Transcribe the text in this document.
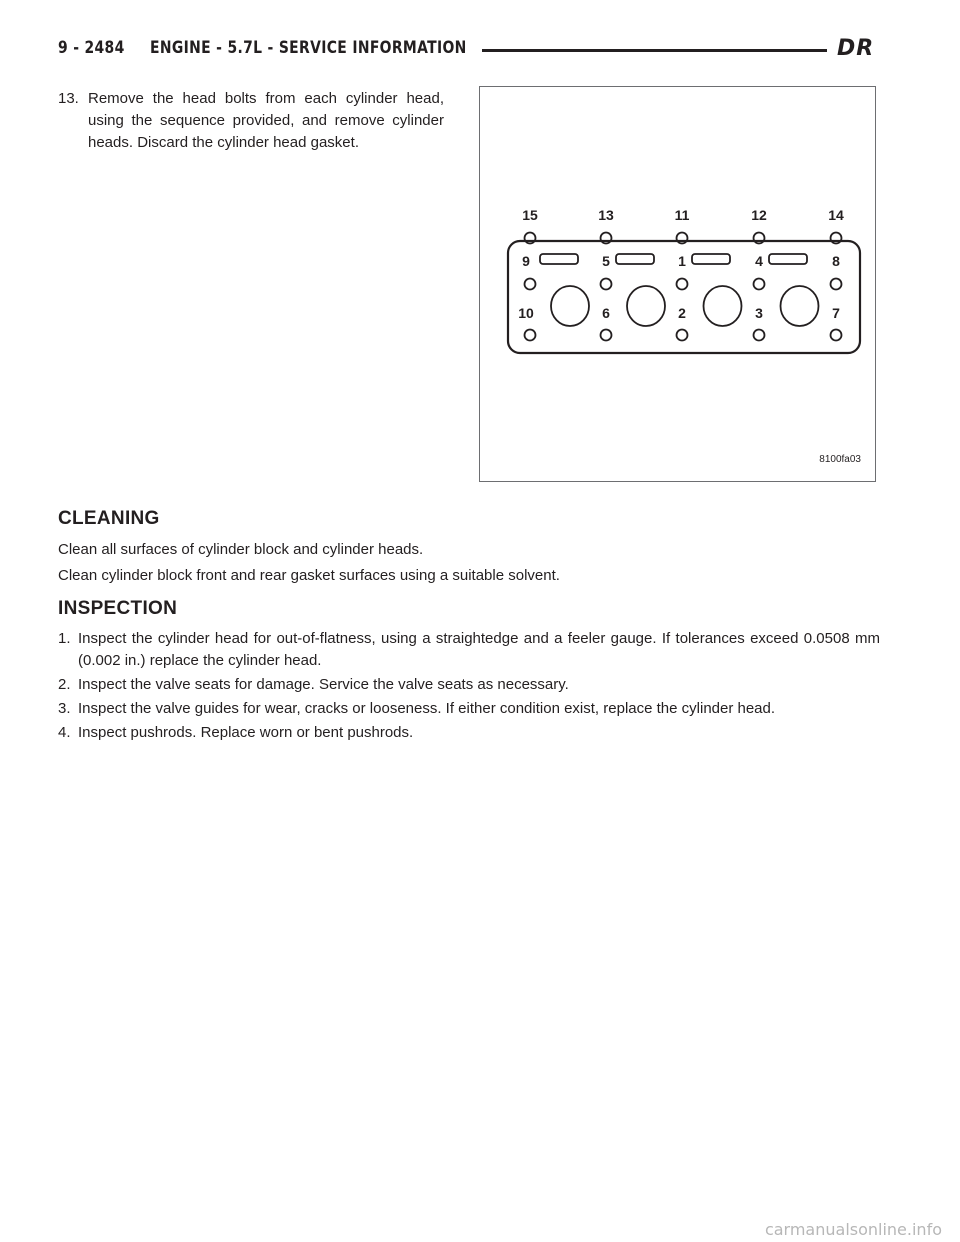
9 - 2484 ENGINE - 5.7L - SERVICE INFORMATION	DR
13. Remove the head bolts from each cylinder head, using the sequence provided, and remove cylinder heads. Discard the cylinder head gasket.
15	13	11	12	14
9	5	1	4	8
10	6	2	3	7
8100fa03
CLEANING

Clean all surfaces of cylinder block and cylinder heads.

Clean cylinder block front and rear gasket surfaces using a suitable solvent.

INSPECTION
1. Inspect the cylinder head for out-of-flatness, using a straightedge and a feeler gauge. If tolerances exceed 0.0508 mm (0.002 in.) replace the cylinder head.
2. Inspect the valve seats for damage. Service the valve seats as necessary.
3. Inspect the valve guides for wear, cracks or looseness. If either condition exist, replace the cylinder head.
4. Inspect pushrods. Replace worn or bent pushrods.
carmanualsonline.info
